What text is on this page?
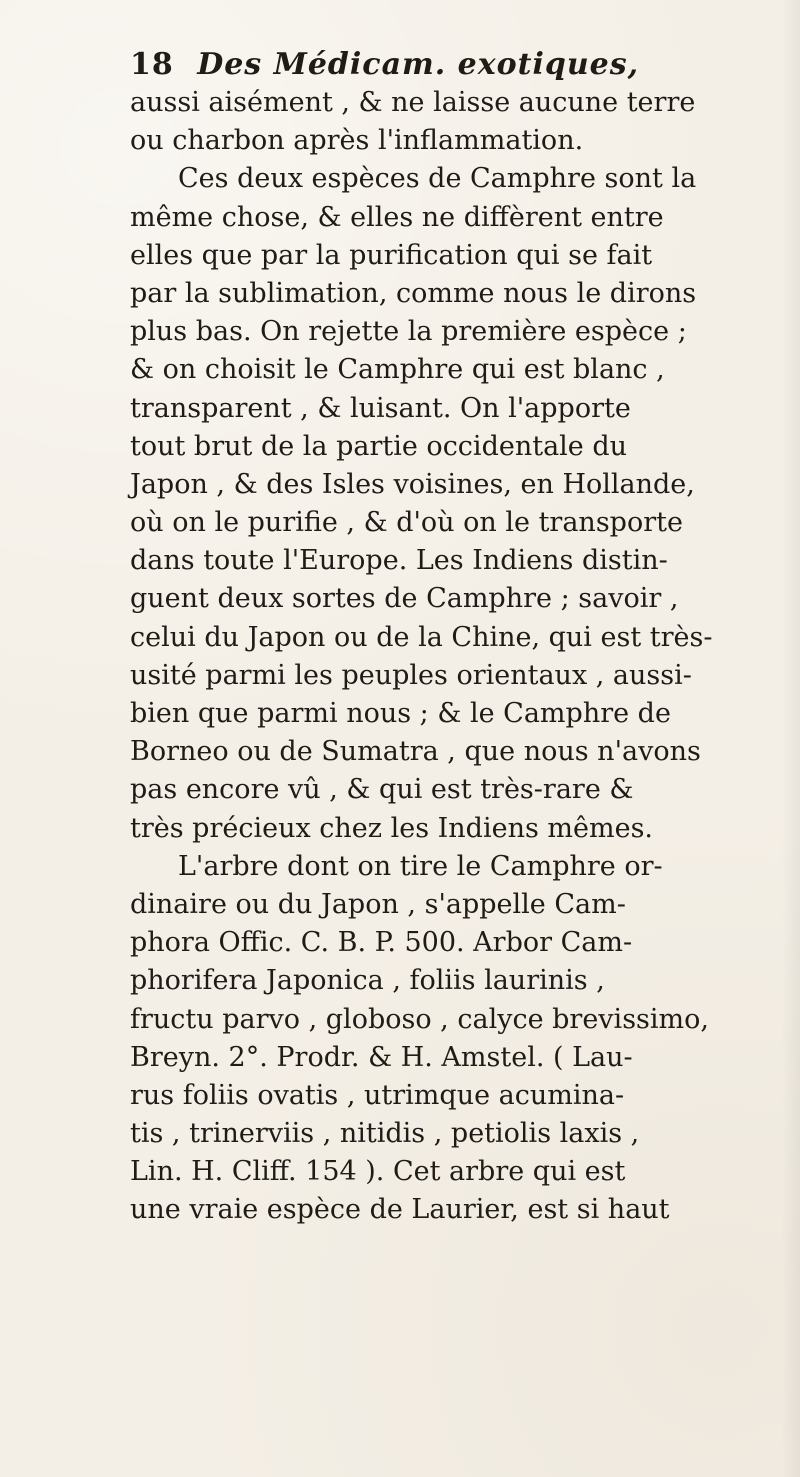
18 Des Médicam. exotiques,
aussi aisément , & ne laisse aucune terre
ou charbon après l'inflammation.
Ces deux espèces de Camphre sont la
même chose, & elles ne diffèrent entre
elles que par la purification qui se fait
par la sublimation, comme nous le dirons
plus bas. On rejette la première espèce ;
& on choisit le Camphre qui est blanc ,
transparent , & luisant. On l'apporte
tout brut de la partie occidentale du
Japon , & des Isles voisines, en Hollande,
où on le purifie , & d'où on le transporte
dans toute l'Europe. Les Indiens distin-
guent deux sortes de Camphre ; savoir ,
celui du Japon ou de la Chine, qui est très-
usité parmi les peuples orientaux , aussi-
bien que parmi nous ; & le Camphre de
Borneo ou de Sumatra , que nous n'avons
pas encore vû , & qui est très-rare &
très précieux chez les Indiens mêmes.
L'arbre dont on tire le Camphre or-
dinaire ou du Japon , s'appelle Cam-
phora Offic. C. B. P. 500. Arbor Cam-
phorifera Japonica , foliis laurinis ,
fructu parvo , globoso , calyce brevissimo,
Breyn. 2°. Prodr. & H. Amstel. ( Lau-
rus foliis ovatis , utrimque acumina-
tis , trinerviis , nitidis , petiolis laxis ,
Lin. H. Cliff. 154 ). Cet arbre qui est
une vraie espèce de Laurier, est si haut
